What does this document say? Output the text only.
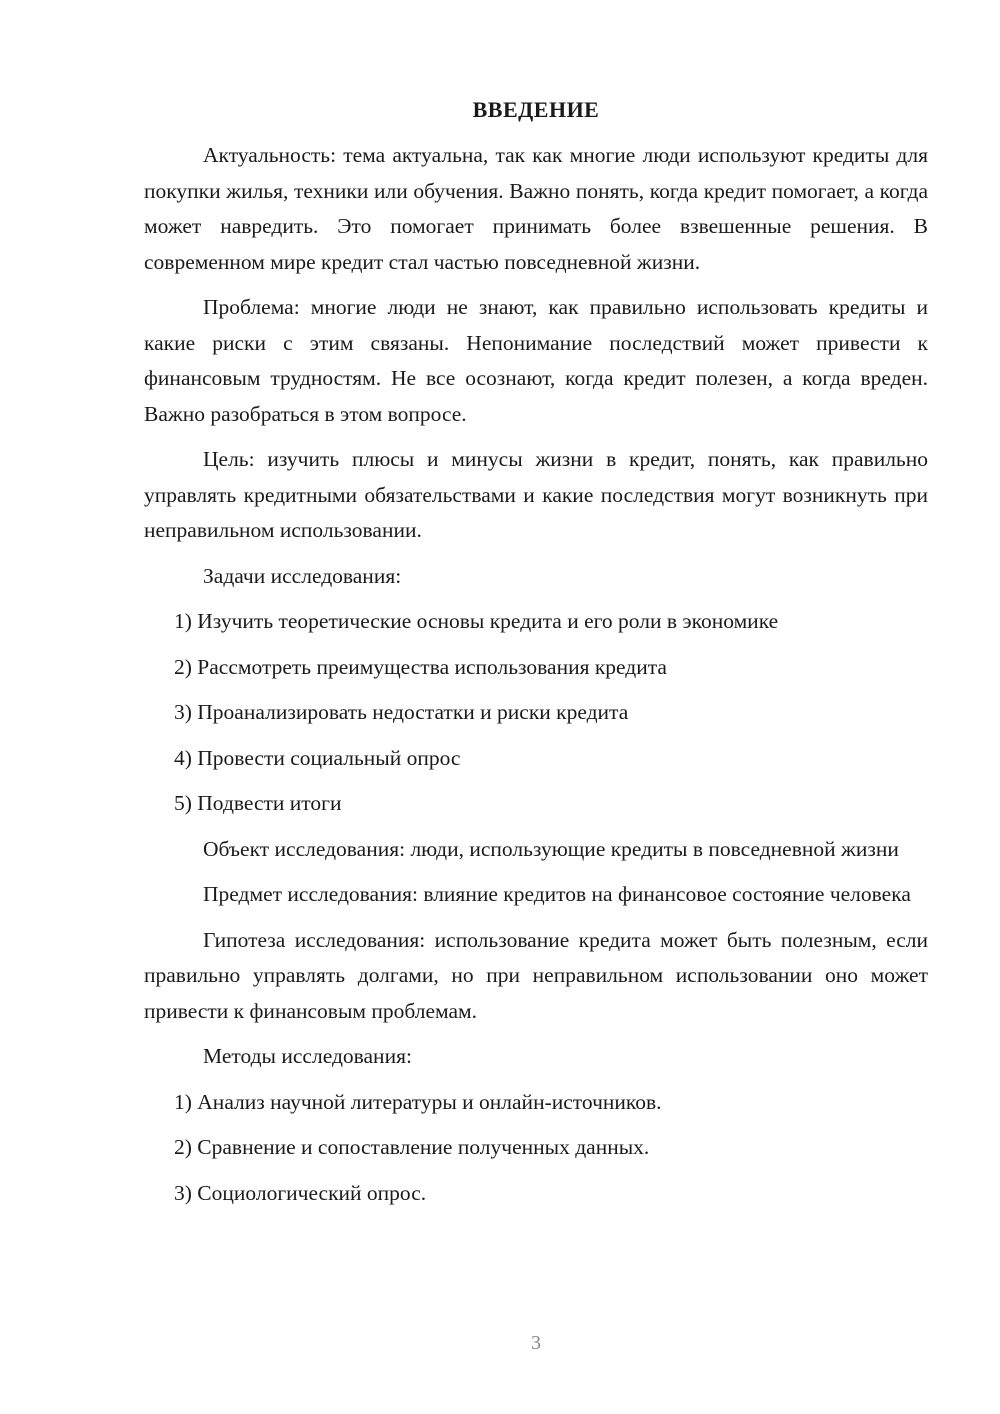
ВВЕДЕНИЕ

Актуальность: тема актуальна, так как многие люди используют кредиты для покупки жилья, техники или обучения. Важно понять, когда кредит помогает, а когда может навредить. Это помогает принимать более взвешенные решения. В современном мире кредит стал частью повседневной жизни.

Проблема: многие люди не знают, как правильно использовать кредиты и какие риски с этим связаны. Непонимание последствий может привести к финансовым трудностям. Не все осознают, когда кредит полезен, а когда вреден. Важно разобраться в этом вопросе.

Цель: изучить плюсы и минусы жизни в кредит, понять, как правильно управлять кредитными обязательствами и какие последствия могут возникнуть при неправильном использовании.

Задачи исследования:

1) Изучить теоретические основы кредита и его роли в экономике
2) Рассмотреть преимущества использования кредита
3) Проанализировать недостатки и риски кредита
4) Провести социальный опрос
5) Подвести итоги

Объект исследования: люди, использующие кредиты в повседневной жизни

Предмет исследования: влияние кредитов на финансовое состояние человека

Гипотеза исследования: использование кредита может быть полезным, если правильно управлять долгами, но при неправильном использовании оно может привести к финансовым проблемам.

Методы исследования:

1) Анализ научной литературы и онлайн-источников.
2) Сравнение и сопоставление полученных данных.
3) Социологический опрос.
3
